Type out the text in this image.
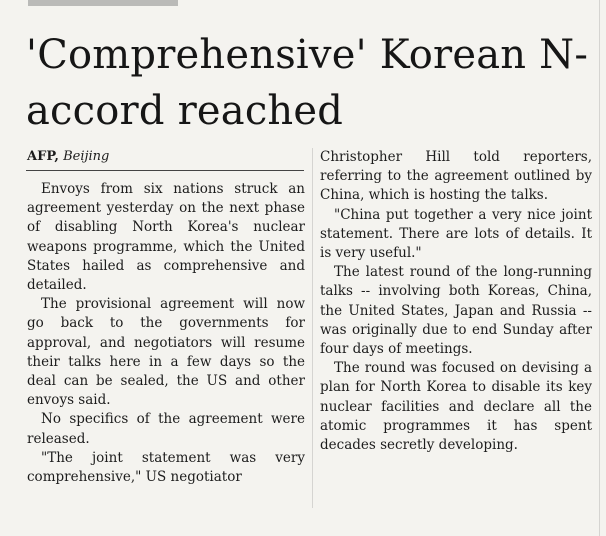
'Comprehensive' Korean N-accord reached
AFP, Beijing

Envoys from six nations struck an agreement yesterday on the next phase of disabling North Korea's nuclear weapons programme, which the United States hailed as comprehensive and detailed.

The provisional agreement will now go back to the governments for approval, and negotiators will resume their talks here in a few days so the deal can be sealed, the US and other envoys said.

No specifics of the agreement were released.

"The joint statement was very comprehensive," US negotiator

Christopher Hill told reporters, referring to the agreement outlined by China, which is hosting the talks.

"China put together a very nice joint statement. There are lots of details. It is very useful."

The latest round of the long-running talks -- involving both Koreas, China, the United States, Japan and Russia -- was originally due to end Sunday after four days of meetings.

The round was focused on devising a plan for North Korea to disable its key nuclear facilities and declare all the atomic programmes it has spent decades secretly developing.
